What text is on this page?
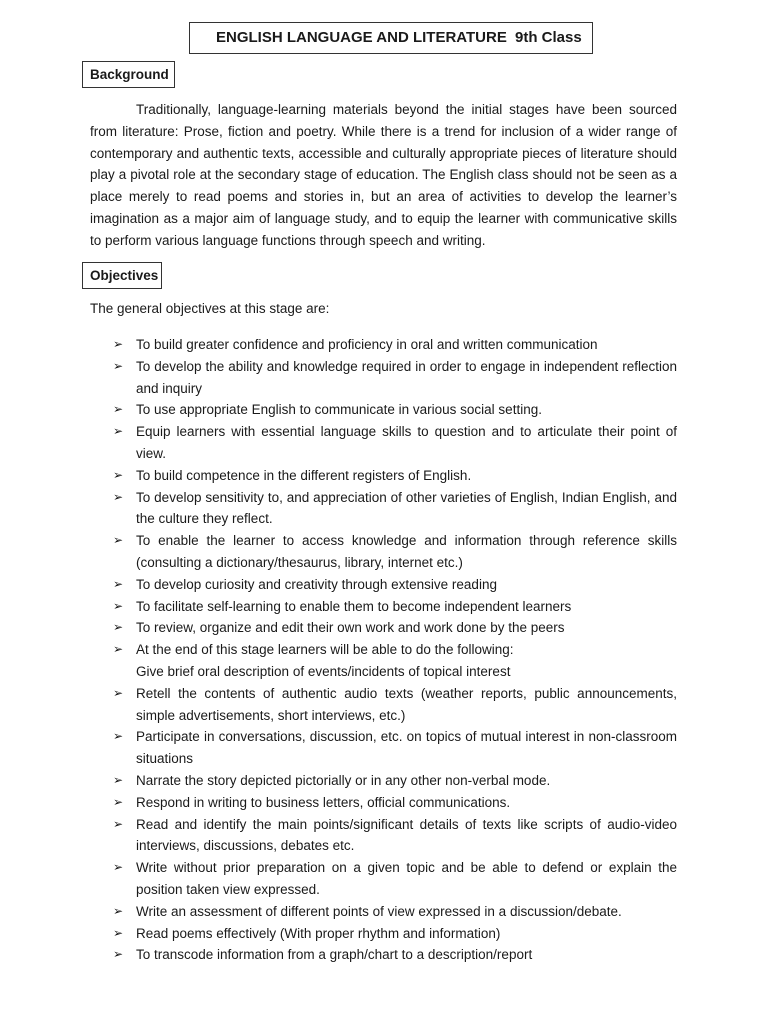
ENGLISH LANGUAGE AND LITERATURE 9th Class
Background

Traditionally, language-learning materials beyond the initial stages have been sourced from literature: Prose, fiction and poetry. While there is a trend for inclusion of a wider range of contemporary and authentic texts, accessible and culturally appropriate pieces of literature should play a pivotal role at the secondary stage of education. The English class should not be seen as a place merely to read poems and stories in, but an area of activities to develop the learner’s imagination as a major aim of language study, and to equip the learner with communicative skills to perform various language functions through speech and writing.

Objectives

The general objectives at this stage are:

➢ To build greater confidence and proficiency in oral and written communication
➢ To develop the ability and knowledge required in order to engage in independent reflection and inquiry
➢ To use appropriate English to communicate in various social setting.
➢ Equip learners with essential language skills to question and to articulate their point of view.
➢ To build competence in the different registers of English.
➢ To develop sensitivity to, and appreciation of other varieties of English, Indian English, and the culture they reflect.
➢ To enable the learner to access knowledge and information through reference skills (consulting a dictionary/thesaurus, library, internet etc.)
➢ To develop curiosity and creativity through extensive reading
➢ To facilitate self-learning to enable them to become independent learners
➢ To review, organize and edit their own work and work done by the peers
➢ At the end of this stage learners will be able to do the following:
Give brief oral description of events/incidents of topical interest
➢ Retell the contents of authentic audio texts (weather reports, public announcements, simple advertisements, short interviews, etc.)
➢ Participate in conversations, discussion, etc. on topics of mutual interest in non-classroom situations
➢ Narrate the story depicted pictorially or in any other non-verbal mode.
➢ Respond in writing to business letters, official communications.
➢ Read and identify the main points/significant details of texts like scripts of audio-video interviews, discussions, debates etc.
➢ Write without prior preparation on a given topic and be able to defend or explain the position taken view expressed.
➢ Write an assessment of different points of view expressed in a discussion/debate.
➢ Read poems effectively (With proper rhythm and information)
➢ To transcode information from a graph/chart to a description/report
